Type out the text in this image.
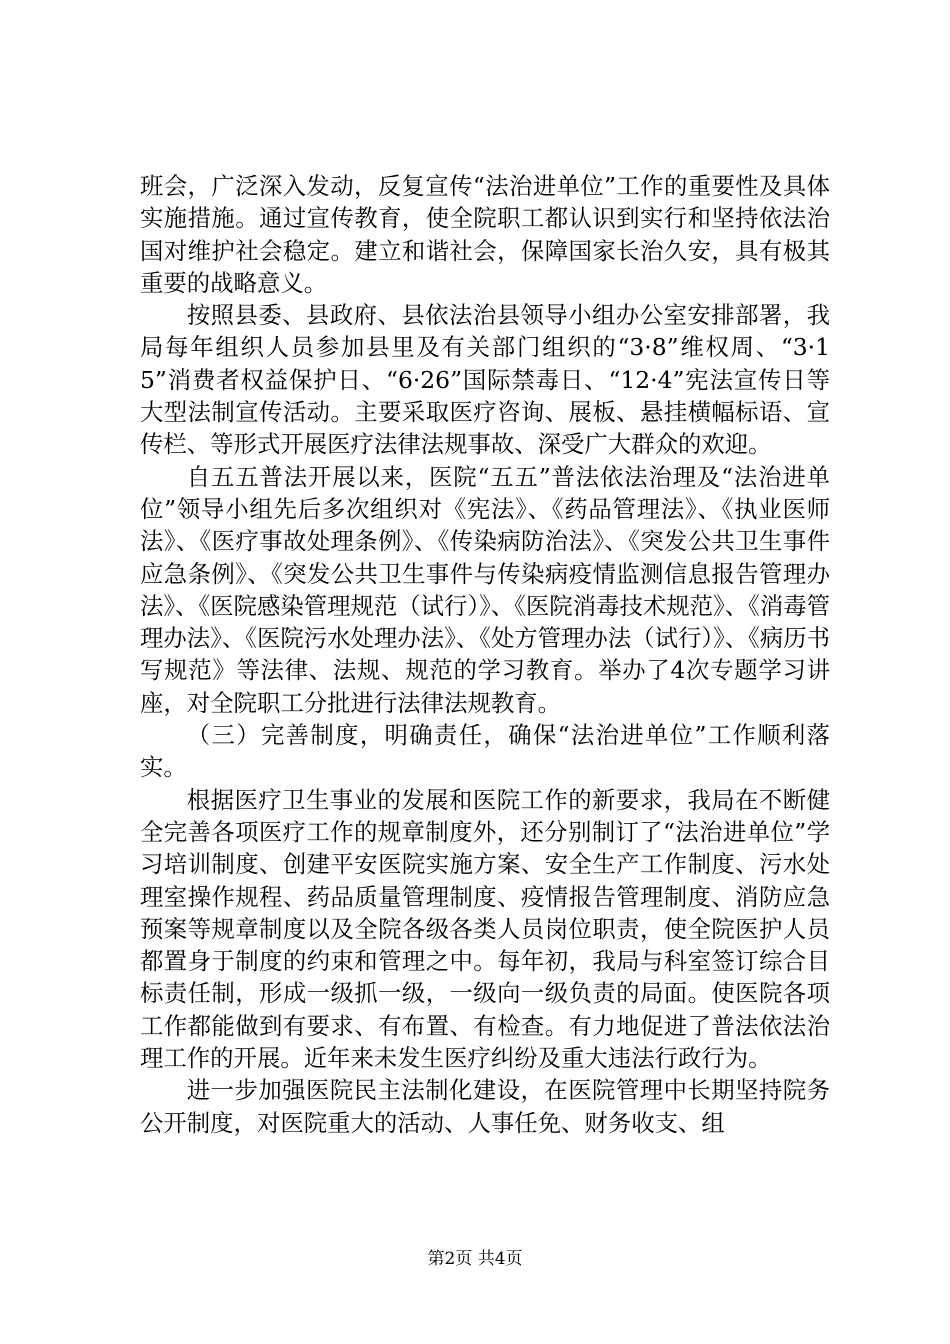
班会，广泛深入发动，反复宣传“法治进单位”工作的重要性及具体实施措施。通过宣传教育，使全院职工都认识到实行和坚持依法治国对维护社会稳定。建立和谐社会，保障国家长治久安，具有极其重要的战略意义。

按照县委、县政府、县依法治县领导小组办公室安排部署，我局每年组织人员参加县里及有关部门组织的“3·8”维权周、“3·15”消费者权益保护日、“6·26”国际禁毒日、“12·4”宪法宣传日等大型法制宣传活动。主要采取医疗咨询、展板、悬挂横幅标语、宣传栏、等形式开展医疗法律法规事故、深受广大群众的欢迎。

自五五普法开展以来，医院“五五”普法依法治理及“法治进单位”领导小组先后多次组织对《宪法》、《药品管理法》、《执业医师法》、《医疗事故处理条例》、《传染病防治法》、《突发公共卫生事件应急条例》、《突发公共卫生事件与传染病疫情监测信息报告管理办法》、《医院感染管理规范（试行）》、《医院消毒技术规范》、《消毒管理办法》、《医院污水处理办法》、《处方管理办法（试行）》、《病历书写规范》等法律、法规、规范的学习教育。举办了4次专题学习讲座，对全院职工分批进行法律法规教育。

（三）完善制度，明确责任，确保“法治进单位”工作顺利落实。

根据医疗卫生事业的发展和医院工作的新要求，我局在不断健全完善各项医疗工作的规章制度外，还分别制订了“法治进单位”学习培训制度、创建平安医院实施方案、安全生产工作制度、污水处理室操作规程、药品质量管理制度、疫情报告管理制度、消防应急预案等规章制度以及全院各级各类人员岗位职责，使全院医护人员都置身于制度的约束和管理之中。每年初，我局与科室签订综合目标责任制，形成一级抓一级，一级向一级负责的局面。使医院各项工作都能做到有要求、有布置、有检查。有力地促进了普法依法治理工作的开展。近年来未发生医疗纠纷及重大违法行政行为。

进一步加强医院民主法制化建设，在医院管理中长期坚持院务公开制度，对医院重大的活动、人事任免、财务收支、组

第2页 共4页
